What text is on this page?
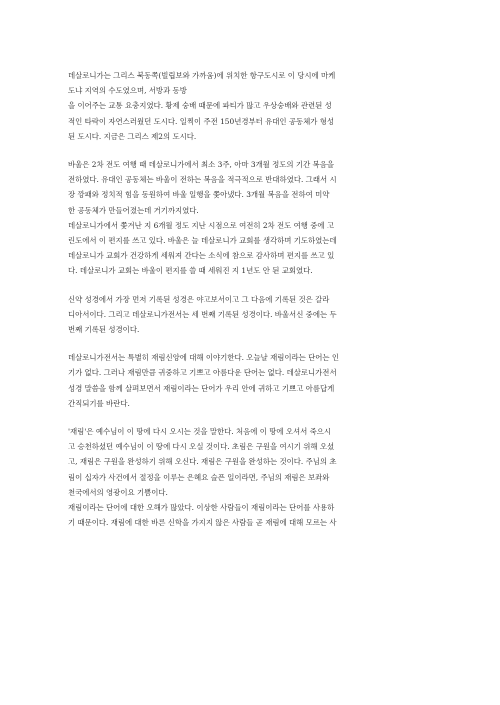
데살로니가는 그리스 북동쪽(빌립보와 가까움)에 위치한 항구도시로 이 당시에 마케
도냐 지역의 수도였으며, 서방과 동방
을 이어주는 교통 요충지였다. 황제 숭배 때문에 파티가 많고 우상숭배와 관련된 성
적인 타락이 자연스러웠던 도시다. 일찍이 주전 150년경부터 유대인 공동체가 형성
된 도시다. 지금은 그리스 제2의 도시다.
바울은 2차 전도 여행 때 데살로니가에서 최소 3주, 아마 3개월 정도의 기간 복음을
전하였다. 유대인 공동체는 바울이 전하는 복음을 적극적으로 반대하였다. 그래서 시
장 깡패와 정치적 힘을 동원하여 바울 일행을 쫓아냈다. 3개월 복음을 전하여 미약
한 공동체가 만들어졌는데 거기까지였다.
데살로니가에서 쫓겨난 지 6개월 정도 지난 시점으로 여전히 2차 전도 여행 중에 고
린도에서 이 편지를 쓰고 있다. 바울은 늘 데살로니가 교회를 생각하며 기도하였는데
데살로니가 교회가 건강하게 세워져 간다는 소식에 참으로 감사하며 편지를 쓰고 있
다. 데살로니가 교회는 바울이 편지를 쓸 때 세워진 지 1년도 안 된 교회였다.
신약 성경에서 가장 먼저 기록된 성경은 야고보서이고 그 다음에 기록된 것은 갈라
디아서이다. 그리고 데살로니가전서는 세 번째 기록된 성경이다. 바울서신 중에는 두
번째 기록된 성경이다.
데살로니가전서는 특별히 재림신앙에 대해 이야기한다. 오늘날 재림이라는 단어는 인
기가 없다. 그러나 재림만큼 귀중하고 기쁘고 아름다운 단어는 없다. 데살로니가전서
성경 말씀을 함께 살펴보면서 재림이라는 단어가 우리 안에 귀하고 기쁘고 아름답게
간직되기를 바란다.
'재림'은 예수님이 이 땅에 다시 오시는 것을 말한다. 처음에 이 땅에 오셔서 죽으시
고 승천하셨던 예수님이 이 땅에 다시 오실 것이다. 초림은 구원을 여시기 위해 오셨
고, 재림은 구원을 완성하기 위해 오신다. 재림은 구원을 완성하는 것이다. 주님의 초
림이 십자가 사건에서 절정을 이루는 은혜요 슬픈 일이라면, 주님의 재림은 보좌와
천국에서의 영광이요 기쁨이다.
재림이라는 단어에 대한 오해가 많았다. 이상한 사람들이 재림이라는 단어를 사용하
기 때문이다. 재림에 대한 바른 신학을 가지지 않은 사람들 곧 재림에 대해 모르는 사
